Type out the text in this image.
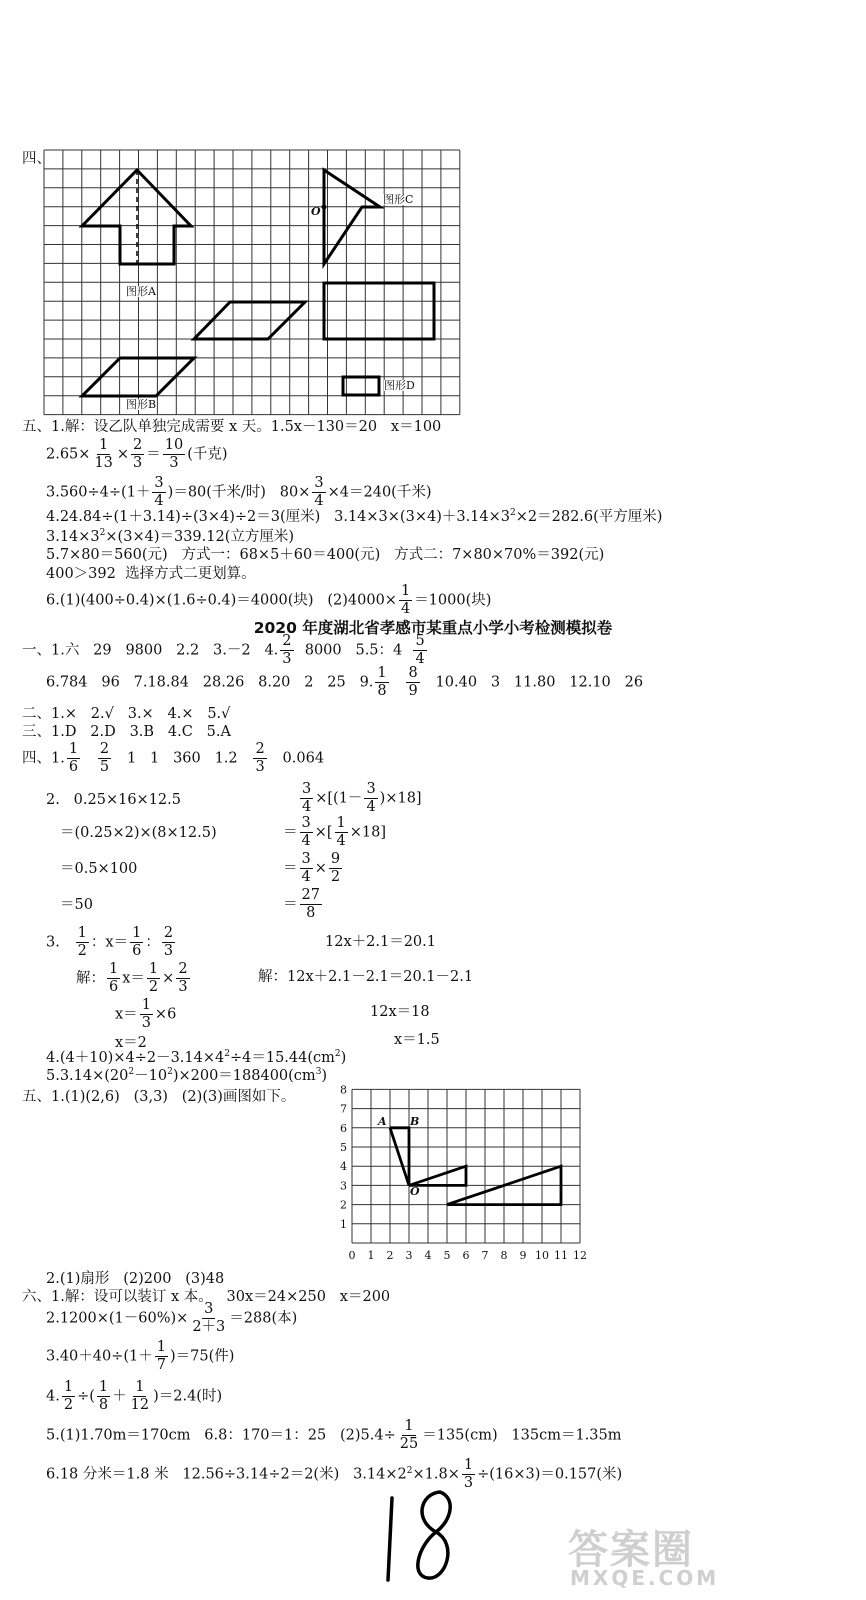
四、
图形A
图形B
图形C
图形D
O
五、1.解：设乙队单独完成需要 x 天。1.5x－130＝20   x＝100
$2.65\times \frac{1}{13} \times \frac{2}{3} = \frac{10}{3}$ (千克)
$3.560\div 4\div(1+ \frac{3}{4} )=80$(千米/时)   $80\times \frac{3}{4} \times 4=240$(千米)
4.24.84÷(1＋3.14)÷(3×4)÷2＝3(厘米)   $3.14\times 3\times(3\times 4)+3.14\times 3^2\times 2=282.6$(平方厘米)
$3.14\times 3^2\times(3\times 4)=339.12$(立方厘米)
5.7×80＝560(元)   方式一：68×5＋60＝400(元)   方式二：7×80×70%＝392(元)
400＞392  选择方式二更划算。
6.(1)(400÷0.4)×(1.6÷0.4)＝4000(块)   $(2)4000\times \frac{1}{4} =1000$(块)
2020 年度湖北省孝感市某重点小学小考检测模拟卷
一、1.六   29   9800   2.2   3.－2   4. $\frac{2}{3} 8000$   5.5：$4 \frac{5}{4}$
6.784   96   7.18.84   28.26   8.20   2   25   9. $\frac{1}{8}$
$\frac{8}{9} 10.40$   3   11.80   12.10   26
二、1.×   2.√   3.×   4.×   5.√
三、1.D   2.D   3.B   4.C   5.A
四、1. $\frac{1}{6}$
$\frac{2}{5} 1$   1   360   $1.2 \frac{2}{3} 0.064$
2.   0.25×16×12.5
＝(0.25×2)×(8×12.5)
＝0.5×100
＝50
$\frac{3}{4} \times[(1- \frac{3}{4} )\times 18]$
＝ $\frac{3}{4}$ ×[ $\frac{1}{4} \times 18$]
＝ $\frac{3}{4} \times \frac{9}{2}$
＝ $\frac{27}{8}$
3. $\frac{1}{2}$ ：$x= \frac{1}{6}$ ： $\frac{2}{3}$
解： $\frac{1}{6} x= \frac{1}{2} \times \frac{2}{3}$
$x= \frac{1}{3} \times 6$
x＝2
12x＋2.1＝20.1
解：12x＋2.1－2.1＝20.1－2.1
12x＝18
x＝1.5
$4.(4+10)\times 4\div 2-3.14\times 4^2\div 4=15.44(cm^2)$
$5.3.14\times(20^2-10^2)\times 200=188400(cm^3)$
五、1.(1)(2,6)   (3,3)   (2)(3)画图如下。
0 1 2 3 4 5 6 7 8 9 10 11 12
1
2
3
4
5
6
7
8
A B
O
2.(1)扇形   (2)200   (3)48
六、1.解：设可以装订 x 本。   30x＝24×250   x＝200
$2.1200\times(1-60\%)\times \frac{3}{2+3} =288$(本)
$3.40+40\div(1+ \frac{1}{7} )=75$(件)
4. $\frac{1}{2}$ ÷( $\frac{1}{8} + \frac{1}{12} )=2.4$(时)
5.(1)1.70m＝170cm   6.8：170＝1：25   $(2)5.4\div \frac{1}{25} =135(cm)$   135cm＝1.35m
6.18 分米＝1.8 米   12.56÷3.14÷2＝2(米)   $3.14\times 2^2\times 1.8\times \frac{1}{3} \div(16\times 3)=0.157$(米)
答案圈
MXQE.COM
